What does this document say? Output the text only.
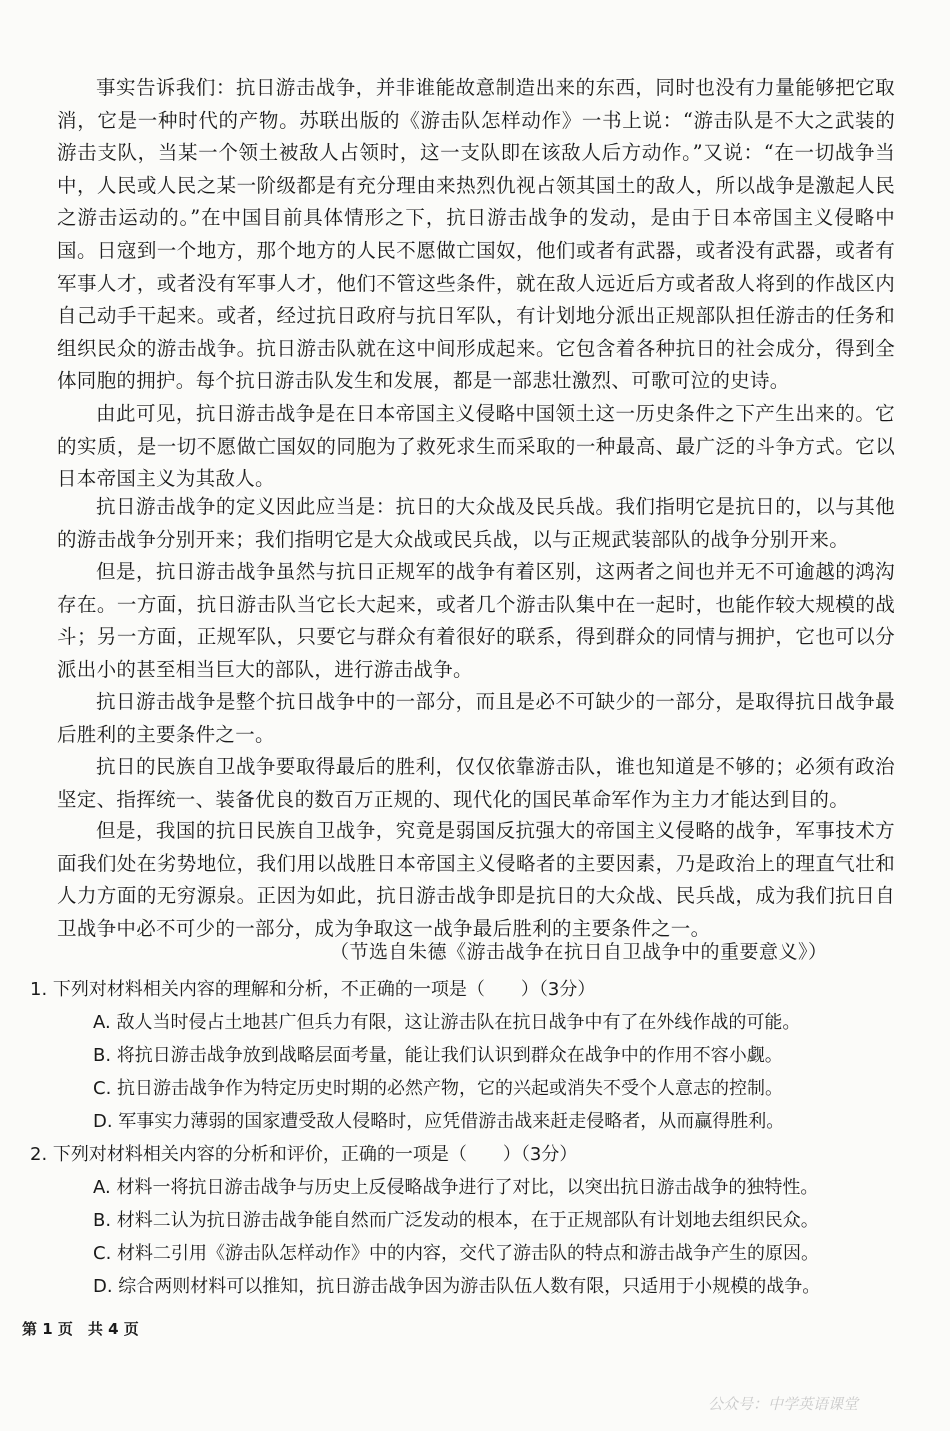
事实告诉我们：抗日游击战争，并非谁能故意制造出来的东西，同时也没有力量能够把它取消，它是一种时代的产物。苏联出版的《游击队怎样动作》一书上说：“游击队是不大之武装的游击支队，当某一个领土被敌人占领时，这一支队即在该敌人后方动作。”又说：“在一切战争当中，人民或人民之某一阶级都是有充分理由来热烈仇视占领其国土的敌人，所以战争是激起人民之游击运动的。”在中国目前具体情形之下，抗日游击战争的发动，是由于日本帝国主义侵略中国。日寇到一个地方，那个地方的人民不愿做亡国奴，他们或者有武器，或者没有武器，或者有军事人才，或者没有军事人才，他们不管这些条件，就在敌人远近后方或者敌人将到的作战区内自己动手干起来。或者，经过抗日政府与抗日军队，有计划地分派出正规部队担任游击的任务和组织民众的游击战争。抗日游击队就在这中间形成起来。它包含着各种抗日的社会成分，得到全体同胞的拥护。每个抗日游击队发生和发展，都是一部悲壮激烈、可歌可泣的史诗。
由此可见，抗日游击战争是在日本帝国主义侵略中国领土这一历史条件之下产生出来的。它的实质，是一切不愿做亡国奴的同胞为了救死求生而采取的一种最高、最广泛的斗争方式。它以日本帝国主义为其敌人。
抗日游击战争的定义因此应当是：抗日的大众战及民兵战。我们指明它是抗日的，以与其他的游击战争分别开来；我们指明它是大众战或民兵战，以与正规武装部队的战争分别开来。
但是，抗日游击战争虽然与抗日正规军的战争有着区别，这两者之间也并无不可逾越的鸿沟存在。一方面，抗日游击队当它长大起来，或者几个游击队集中在一起时，也能作较大规模的战斗；另一方面，正规军队，只要它与群众有着很好的联系，得到群众的同情与拥护，它也可以分派出小的甚至相当巨大的部队，进行游击战争。
抗日游击战争是整个抗日战争中的一部分，而且是必不可缺少的一部分，是取得抗日战争最后胜利的主要条件之一。
抗日的民族自卫战争要取得最后的胜利，仅仅依靠游击队，谁也知道是不够的；必须有政治坚定、指挥统一、装备优良的数百万正规的、现代化的国民革命军作为主力才能达到目的。
但是，我国的抗日民族自卫战争，究竟是弱国反抗强大的帝国主义侵略的战争，军事技术方面我们处在劣势地位，我们用以战胜日本帝国主义侵略者的主要因素，乃是政治上的理直气壮和人力方面的无穷源泉。正因为如此，抗日游击战争即是抗日的大众战、民兵战，成为我们抗日自卫战争中必不可少的一部分，成为争取这一战争最后胜利的主要条件之一。
（节选自朱德《游击战争在抗日自卫战争中的重要意义》）
1. 下列对材料相关内容的理解和分析，不正确的一项是（　　）（3分）
A. 敌人当时侵占土地甚广但兵力有限，这让游击队在抗日战争中有了在外线作战的可能。
B. 将抗日游击战争放到战略层面考量，能让我们认识到群众在战争中的作用不容小觑。
C. 抗日游击战争作为特定历史时期的必然产物，它的兴起或消失不受个人意志的控制。
D. 军事实力薄弱的国家遭受敌人侵略时，应凭借游击战来赶走侵略者，从而赢得胜利。
2. 下列对材料相关内容的分析和评价，正确的一项是（　　）（3分）
A. 材料一将抗日游击战争与历史上反侵略战争进行了对比，以突出抗日游击战争的独特性。
B. 材料二认为抗日游击战争能自然而广泛发动的根本，在于正规部队有计划地去组织民众。
C. 材料二引用《游击队怎样动作》中的内容，交代了游击队的特点和游击战争产生的原因。
D. 综合两则材料可以推知，抗日游击战争因为游击队伍人数有限，只适用于小规模的战争。
第 1 页　共 4 页
公众号：中学英语课堂
